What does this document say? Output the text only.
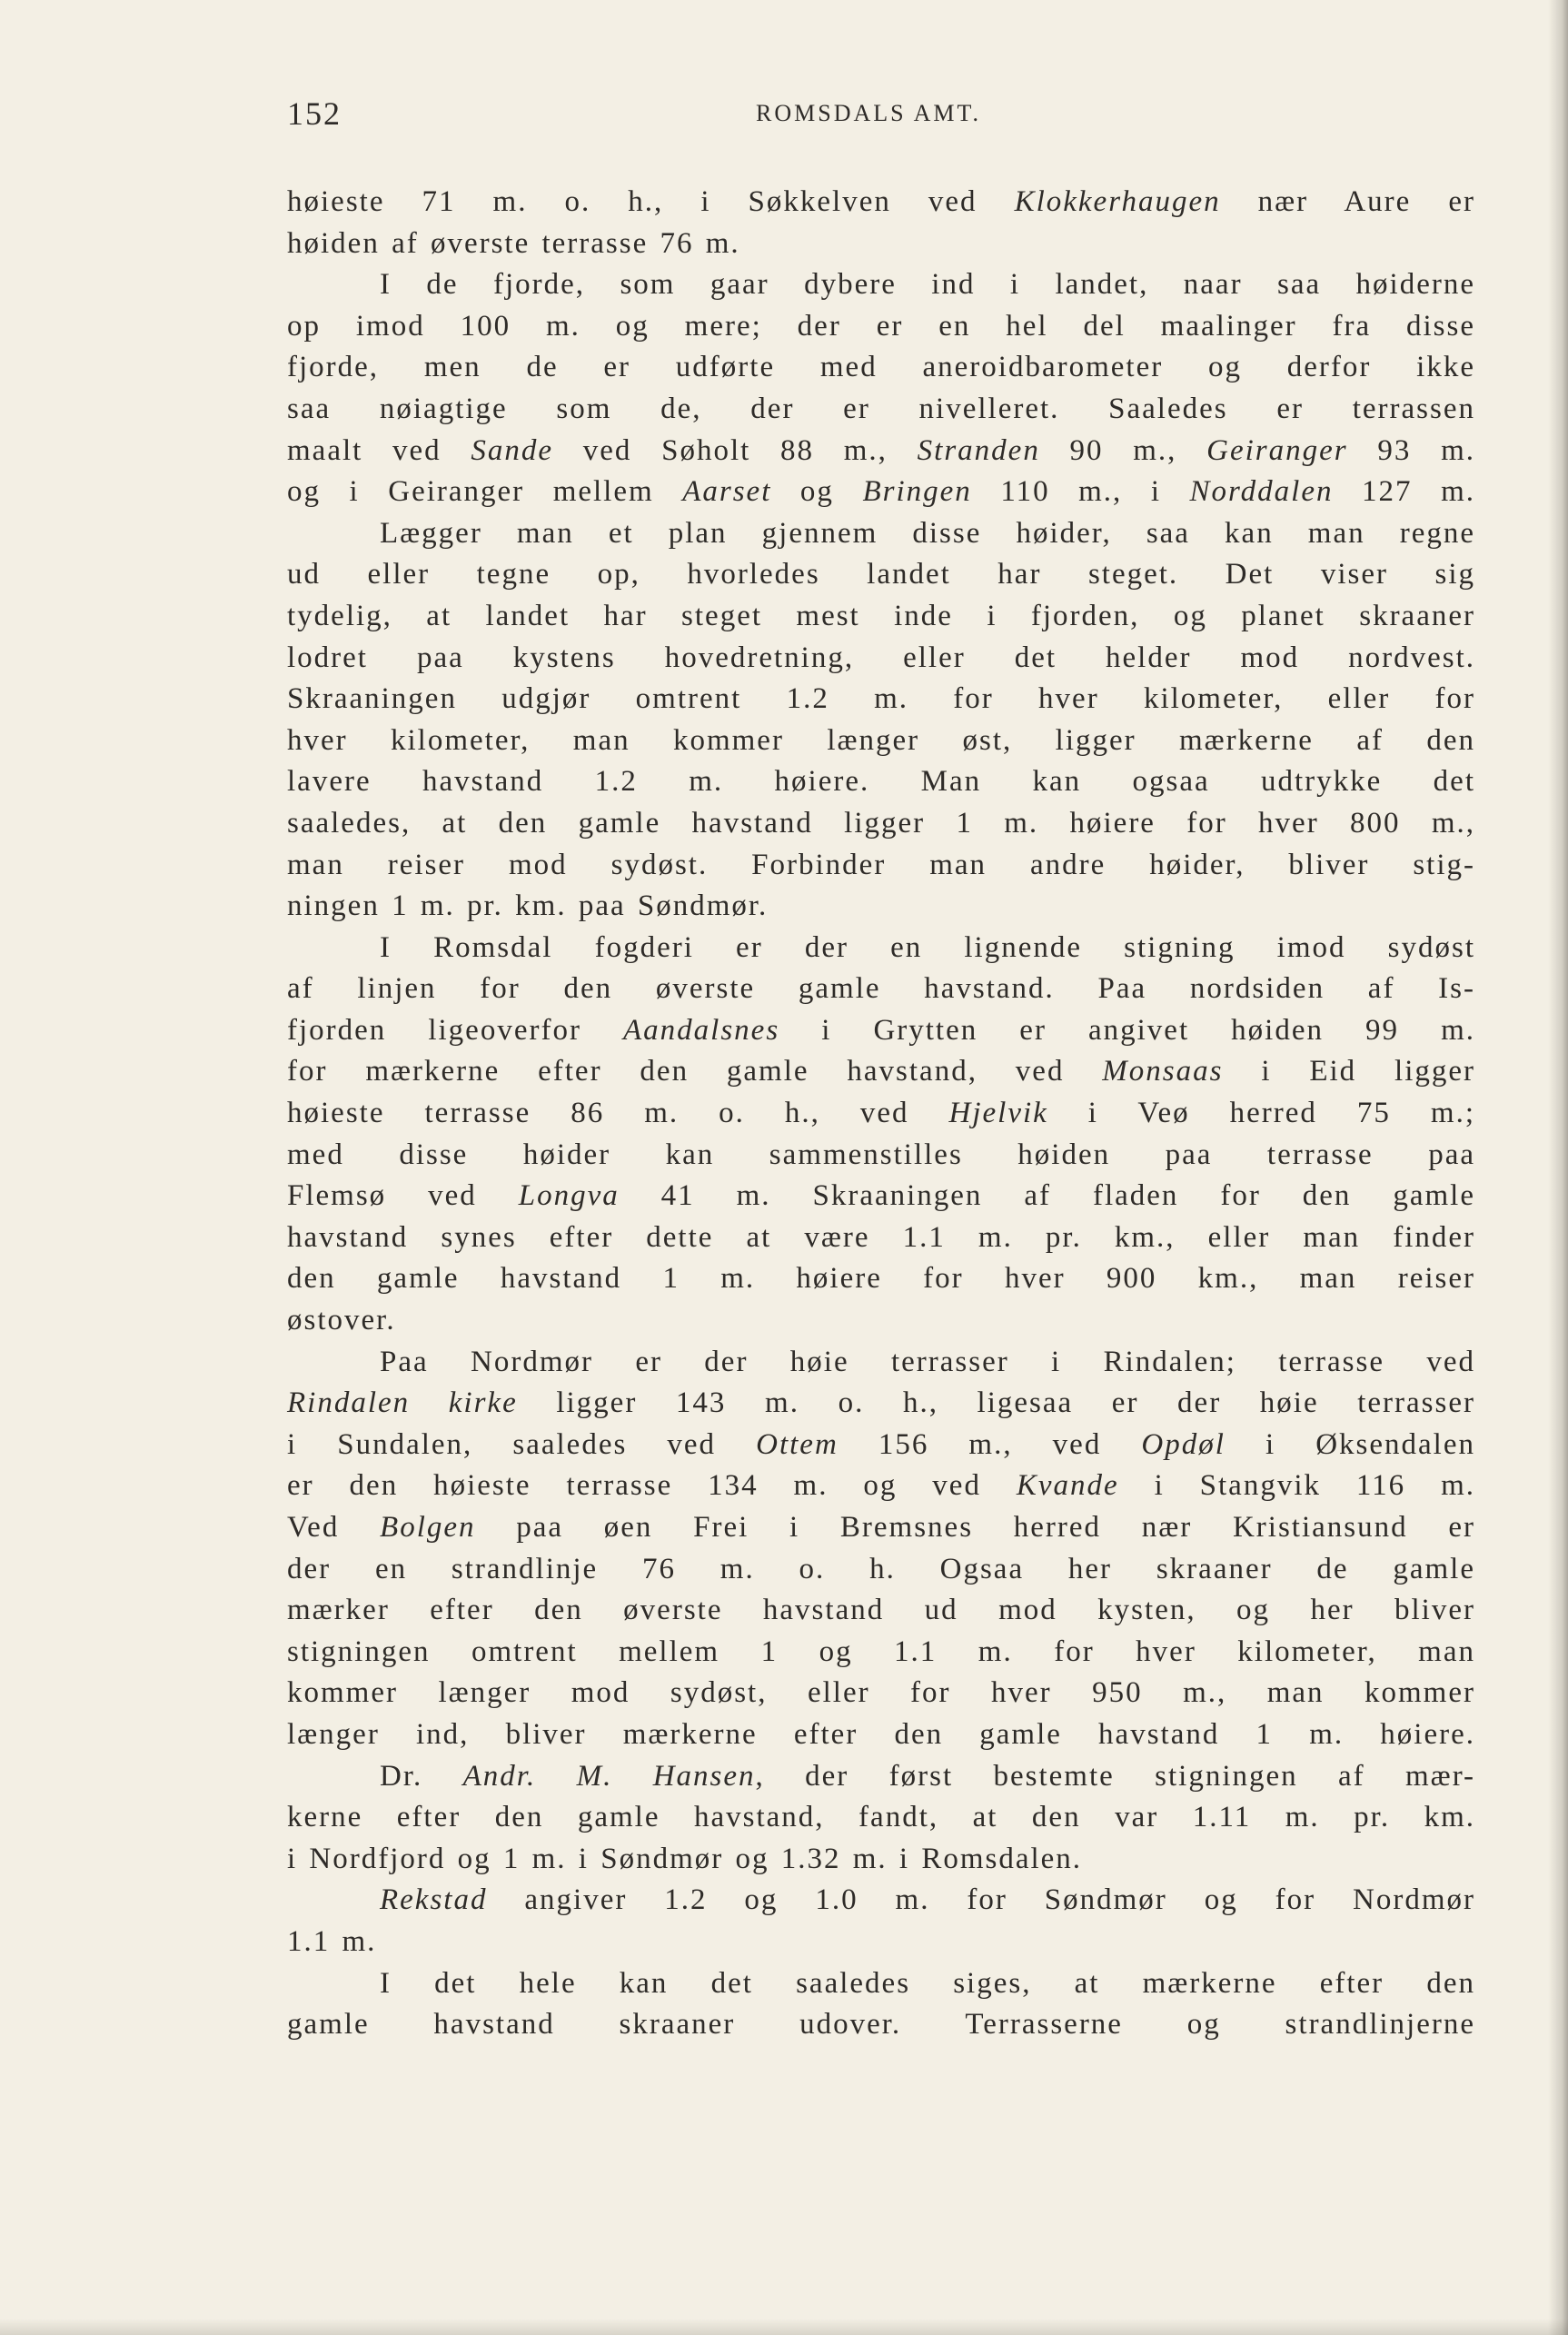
152	ROMSDALS AMT.
høieste 71 m. o. h., i Søkkelven ved Klokkerhaugen nær Aure er
høiden af øverste terrasse 76 m.
I de fjorde, som gaar dybere ind i landet, naar saa høiderne
op imod 100 m. og mere; der er en hel del maalinger fra disse
fjorde, men de er udførte med aneroidbarometer og derfor ikke
saa nøiagtige som de, der er nivelleret. Saaledes er terrassen
maalt ved Sande ved Søholt 88 m., Stranden 90 m., Geiranger 93 m.
og i Geiranger mellem Aarset og Bringen 110 m., i Norddalen 127 m.
Lægger man et plan gjennem disse høider, saa kan man regne
ud eller tegne op, hvorledes landet har steget. Det viser sig
tydelig, at landet har steget mest inde i fjorden, og planet skraaner
lodret paa kystens hovedretning, eller det helder mod nordvest.
Skraaningen udgjør omtrent 1.2 m. for hver kilometer, eller for
hver kilometer, man kommer længer øst, ligger mærkerne af den
lavere havstand 1.2 m. høiere. Man kan ogsaa udtrykke det
saaledes, at den gamle havstand ligger 1 m. høiere for hver 800 m.,
man reiser mod sydøst. Forbinder man andre høider, bliver stig-
ningen 1 m. pr. km. paa Søndmør.
I Romsdal fogderi er der en lignende stigning imod sydøst
af linjen for den øverste gamle havstand. Paa nordsiden af Is-
fjorden ligeoverfor Aandalsnes i Grytten er angivet høiden 99 m.
for mærkerne efter den gamle havstand, ved Monsaas i Eid ligger
høieste terrasse 86 m. o. h., ved Hjelvik i Veø herred 75 m.;
med disse høider kan sammenstilles høiden paa terrasse paa
Flemsø ved Longva 41 m. Skraaningen af fladen for den gamle
havstand synes efter dette at være 1.1 m. pr. km., eller man finder
den gamle havstand 1 m. høiere for hver 900 km., man reiser
østover.
Paa Nordmør er der høie terrasser i Rindalen; terrasse ved
Rindalen kirke ligger 143 m. o. h., ligesaa er der høie terrasser
i Sundalen, saaledes ved Ottem 156 m., ved Opdøl i Øksendalen
er den høieste terrasse 134 m. og ved Kvande i Stangvik 116 m.
Ved Bolgen paa øen Frei i Bremsnes herred nær Kristiansund er
der en strandlinje 76 m. o. h. Ogsaa her skraaner de gamle
mærker efter den øverste havstand ud mod kysten, og her bliver
stigningen omtrent mellem 1 og 1.1 m. for hver kilometer, man
kommer længer mod sydøst, eller for hver 950 m., man kommer
længer ind, bliver mærkerne efter den gamle havstand 1 m. høiere.
Dr. Andr. M. Hansen, der først bestemte stigningen af mær-
kerne efter den gamle havstand, fandt, at den var 1.11 m. pr. km.
i Nordfjord og 1 m. i Søndmør og 1.32 m. i Romsdalen.
Rekstad angiver 1.2 og 1.0 m. for Søndmør og for Nordmør
1.1 m.
I det hele kan det saaledes siges, at mærkerne efter den
gamle havstand skraaner udover. Terrasserne og strandlinjerne
